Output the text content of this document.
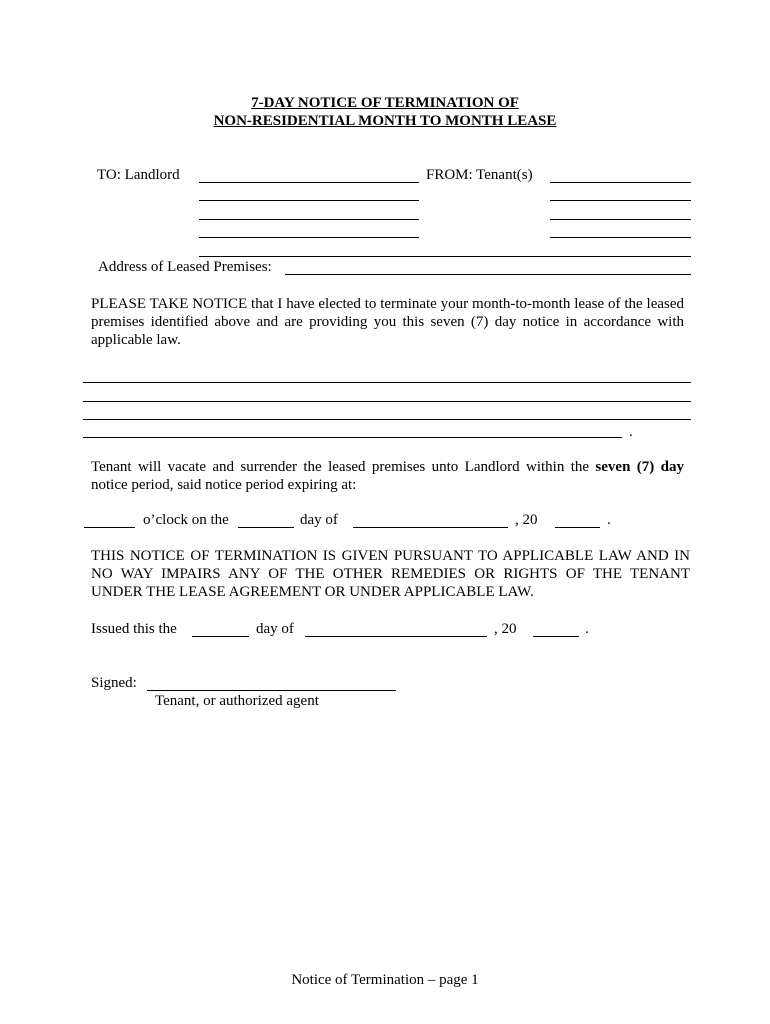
7-DAY NOTICE OF TERMINATION OF
NON-RESIDENTIAL MONTH TO MONTH LEASE
TO: Landlord	FROM: Tenant(s)
Address of Leased Premises:
PLEASE TAKE NOTICE that I have elected to terminate your month-to-month lease of the leased premises identified above and are providing you this seven (7) day notice in accordance with applicable law.
.
Tenant will vacate and surrender the leased premises unto Landlord within the seven (7) day notice period, said notice period expiring at:
o’clock on the	day of	, 20	.
THIS NOTICE OF TERMINATION IS GIVEN PURSUANT TO APPLICABLE LAW AND IN NO WAY IMPAIRS ANY OF THE OTHER REMEDIES OR RIGHTS OF THE TENANT UNDER THE LEASE AGREEMENT OR UNDER APPLICABLE LAW.
Issued this the	day of	, 20	.
Signed:
Tenant, or authorized agent
Notice of Termination – page 1
